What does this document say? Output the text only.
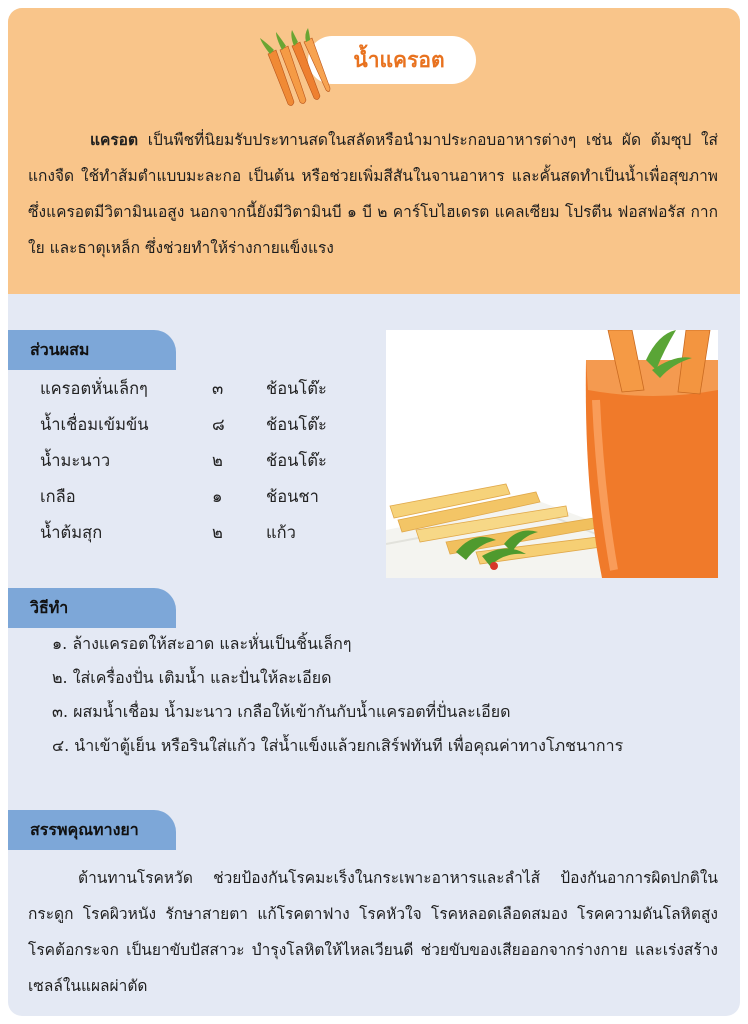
น้ำแครอต
แครอต เป็นพืชที่นิยมรับประทานสดในสลัดหรือนำมาประกอบอาหารต่างๆ เช่น ผัด ต้มซุป ใส่แกงจืด ใช้ทำส้มตำแบบมะละกอ เป็นต้น หรือช่วยเพิ่มสีสันในจานอาหาร และคั้นสดทำเป็นน้ำเพื่อสุขภาพ ซึ่งแครอตมีวิตามินเอสูง นอกจากนี้ยังมีวิตามินบี ๑ บี ๒ คาร์โบไฮเดรต แคลเซียม โปรตีน ฟอสฟอรัส กากใย และธาตุเหล็ก ซึ่งช่วยทำให้ร่างกายแข็งแรง
ส่วนผสม
แครอตหั่นเล็กๆ	๓	ช้อนโต๊ะ
น้ำเชื่อมเข้มข้น	๘	ช้อนโต๊ะ
น้ำมะนาว	๒	ช้อนโต๊ะ
เกลือ	๑	ช้อนชา
น้ำต้มสุก	๒	แก้ว
วิธีทำ
๑. ล้างแครอตให้สะอาด และหั่นเป็นชิ้นเล็กๆ
๒. ใส่เครื่องปั่น เติมน้ำ และปั่นให้ละเอียด
๓. ผสมน้ำเชื่อม น้ำมะนาว เกลือให้เข้ากันกับน้ำแครอตที่ปั่นละเอียด
๔. นำเข้าตู้เย็น หรือรินใส่แก้ว ใส่น้ำแข็งแล้วยกเสิร์ฟทันที เพื่อคุณค่าทางโภชนาการ
สรรพคุณทางยา
ต้านทานโรคหวัด ช่วยป้องกันโรคมะเร็งในกระเพาะอาหารและลำไส้ ป้องกันอาการผิดปกติในกระดูก โรคผิวหนัง รักษาสายตา แก้โรคตาฟาง โรคหัวใจ โรคหลอดเลือดสมอง โรคความดันโลหิตสูง โรคต้อกระจก เป็นยาขับปัสสาวะ บำรุงโลหิตให้ไหลเวียนดี ช่วยขับของเสียออกจากร่างกาย และเร่งสร้างเซลล์ในแผลผ่าตัด
